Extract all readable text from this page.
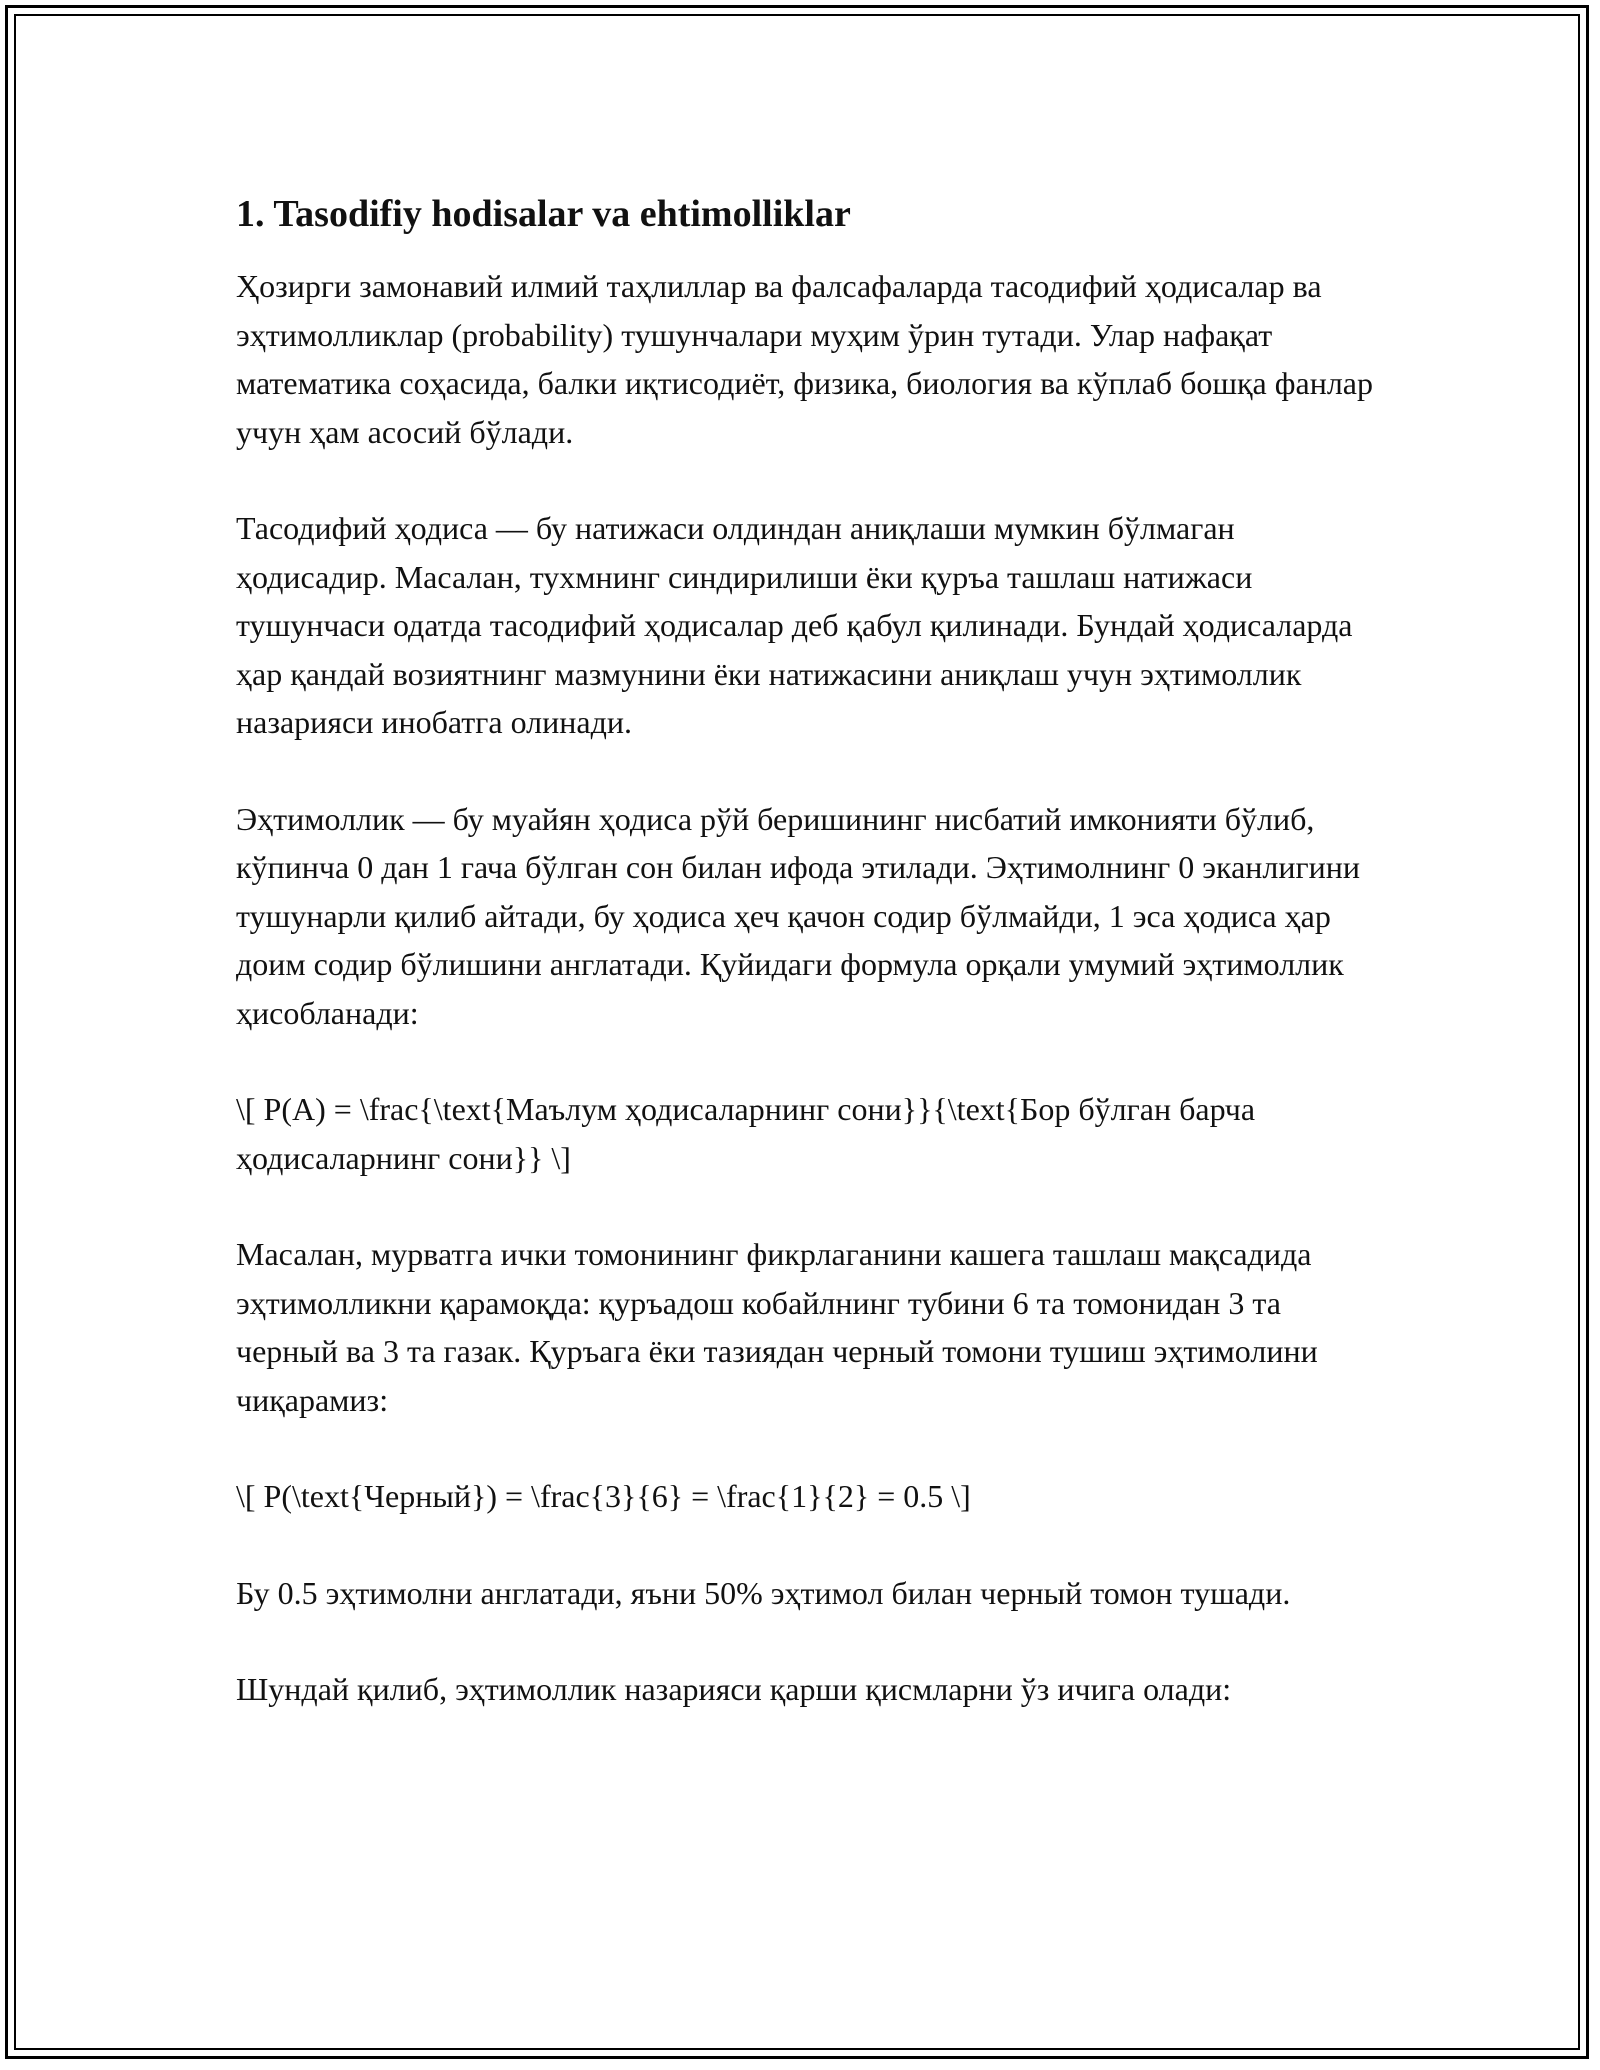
1. Tasodifiy hodisalar va ehtimolliklar

Ҳозирги замонавий илмий таҳлиллар ва фалсафаларда тасодифий ҳодисалар ва эҳтимолликлар (probability) тушунчалари муҳим ўрин тутади. Улар нафақат математика соҳасида, балки иқтисодиёт, физика, биология ва кўплаб бошқа фанлар учун ҳам асосий бўлади.

Тасодифий ҳодиса — бу натижаси олдиндан аниқлаши мумкин бўлмаган ҳодисадир. Масалан, тухмнинг синдирилиши ёки қуръа ташлаш натижаси тушунчаси одатда тасодифий ҳодисалар деб қабул қилинади. Бундай ҳодисаларда ҳар қандай возиятнинг мазмунини ёки натижасини аниқлаш учун эҳтимоллик назарияси инобатга олинади.

Эҳтимоллик — бу муайян ҳодиса рўй беришининг нисбатий имконияти бўлиб, кўпинча 0 дан 1 гача бўлган сон билан ифода этилади. Эҳтимолнинг 0 эканлигини тушунарли қилиб айтади, бу ҳодиса ҳеч қачон содир бўлмайди, 1 эса ҳодиса ҳар доим содир бўлишини англатади. Қуйидаги формула орқали умумий эҳтимоллик ҳисобланади:

\[ P(A) = \frac{\text{Маълум ҳодисаларнинг сони}}{\text{Бор бўлган барча ҳодисаларнинг сони}} \]

Масалан, мурватга ички томонининг фикрлаганини кашега ташлаш мақсадида эҳтимолликни қарамоқда: қуръадош кобайлнинг тубини 6 та томонидан 3 та черный ва 3 та газак. Қуръага ёки тазиядан черный томони тушиш эҳтимолини чиқарамиз:

\[ P(\text{Черный}) = \frac{3}{6} = \frac{1}{2} = 0.5 \]

Бу 0.5 эҳтимолни англатади, яъни 50% эҳтимол билан черный томон тушади.

Шундай қилиб, эҳтимоллик назарияси қарши қисмларни ўз ичига олади:
